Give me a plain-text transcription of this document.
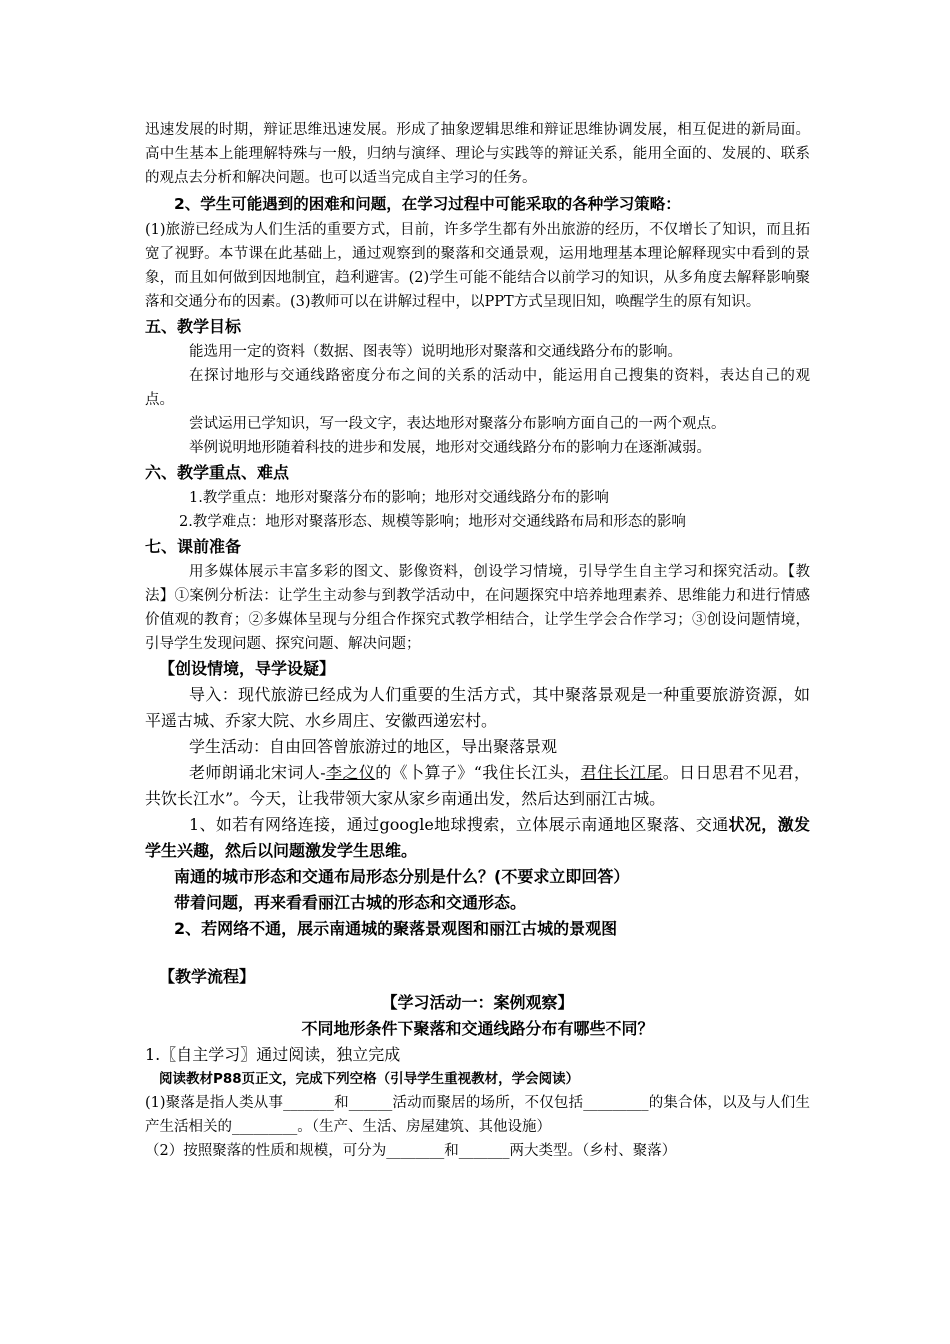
迅速发展的时期，辩证思维迅速发展。形成了抽象逻辑思维和辩证思维协调发展，相互促进的新局面。高中生基本上能理解特殊与一般，归纳与演绎、理论与实践等的辩证关系，能用全面的、发展的、联系的观点去分析和解决问题。也可以适当完成自主学习的任务。

2、学生可能遇到的困难和问题，在学习过程中可能采取的各种学习策略：

(1)旅游已经成为人们生活的重要方式，目前，许多学生都有外出旅游的经历，不仅增长了知识，而且拓宽了视野。本节课在此基础上，通过观察到的聚落和交通景观，运用地理基本理论解释现实中看到的景象，而且如何做到因地制宜，趋利避害。(2)学生可能不能结合以前学习的知识，从多角度去解释影响聚落和交通分布的因素。(3)教师可以在讲解过程中，以PPT方式呈现旧知，唤醒学生的原有知识。

五、教学目标

能选用一定的资料（数据、图表等）说明地形对聚落和交通线路分布的影响。

在探讨地形与交通线路密度分布之间的关系的活动中，能运用自己搜集的资料，表达自己的观点。

尝试运用已学知识，写一段文字，表达地形对聚落分布影响方面自己的一两个观点。

举例说明地形随着科技的进步和发展，地形对交通线路分布的影响力在逐渐减弱。

六、教学重点、难点

1.教学重点：地形对聚落分布的影响；地形对交通线路分布的影响

2.教学难点：地形对聚落形态、规模等影响；地形对交通线路布局和形态的影响

七、课前准备

用多媒体展示丰富多彩的图文、影像资料，创设学习情境，引导学生自主学习和探究活动。【教法】①案例分析法：让学生主动参与到教学活动中，在问题探究中培养地理素养、思维能力和进行情感价值观的教育；②多媒体呈现与分组合作探究式教学相结合，让学生学会合作学习；③创设问题情境，引导学生发现问题、探究问题、解决问题；

【创设情境，导学设疑】

导入：现代旅游已经成为人们重要的生活方式，其中聚落景观是一种重要旅游资源，如平遥古城、乔家大院、水乡周庄、安徽西递宏村。

学生活动：自由回答曾旅游过的地区，导出聚落景观

老师朗诵北宋词人-李之仪的《卜算子》“我住长江头，君住长江尾。日日思君不见君，共饮长江水”。今天，让我带领大家从家乡南通出发，然后达到丽江古城。

1、如若有网络连接，通过google地球搜索，立体展示南通地区聚落、交通状况，激发学生兴趣，然后以问题激发学生思维。

南通的城市形态和交通布局形态分别是什么？(不要求立即回答）

带着问题，再来看看丽江古城的形态和交通形态。

2、若网络不通，展示南通城的聚落景观图和丽江古城的景观图

【教学流程】

【学习活动一：案例观察】

不同地形条件下聚落和交通线路分布有哪些不同？

1.〖自主学习〗通过阅读，独立完成

阅读教材P88页正文，完成下列空格（引导学生重视教材，学会阅读）

(1)聚落是指人类从事_______和______活动而聚居的场所，不仅包括_________的集合体，以及与人们生产生活相关的_________。（生产、生活、房屋建筑、其他设施）

（2）按照聚落的性质和规模，可分为________和_______两大类型。（乡村、聚落）
